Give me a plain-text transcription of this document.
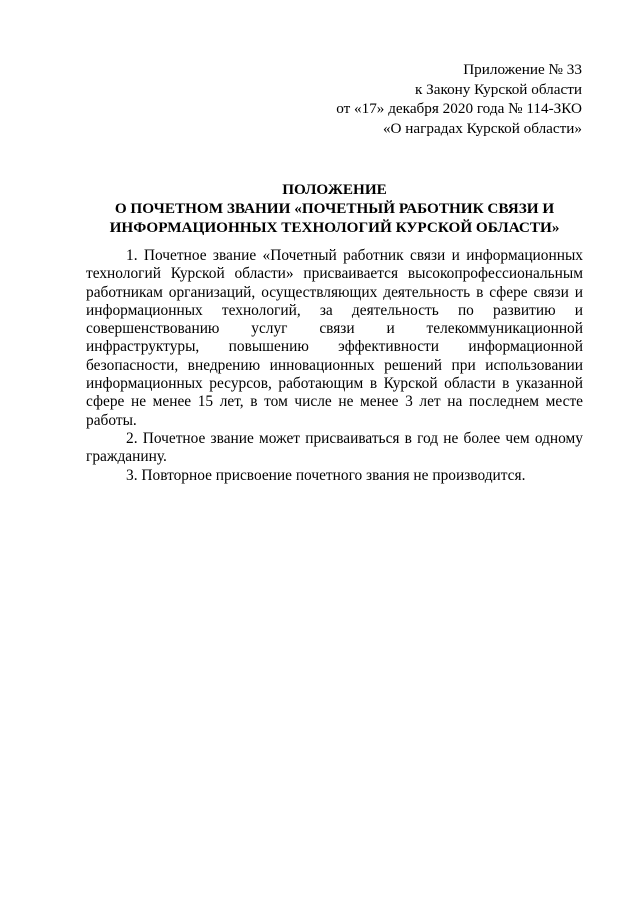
Приложение № 33
к Закону Курской области
от «17» декабря 2020 года № 114-ЗКО
«О наградах Курской области»
ПОЛОЖЕНИЕ
О ПОЧЕТНОМ ЗВАНИИ «ПОЧЕТНЫЙ РАБОТНИК СВЯЗИ И
ИНФОРМАЦИОННЫХ ТЕХНОЛОГИЙ КУРСКОЙ ОБЛАСТИ»

1. Почетное звание «Почетный работник связи и информационных технологий Курской области» присваивается высокопрофессиональным работникам организаций, осуществляющих деятельность в сфере связи и информационных технологий, за деятельность по развитию и совершенствованию услуг связи и телекоммуникационной инфраструктуры, повышению эффективности информационной безопасности, внедрению инновационных решений при использовании информационных ресурсов, работающим в Курской области в указанной сфере не менее 15 лет, в том числе не менее 3 лет на последнем месте работы.

2. Почетное звание может присваиваться в год не более чем одному гражданину.

3. Повторное присвоение почетного звания не производится.
